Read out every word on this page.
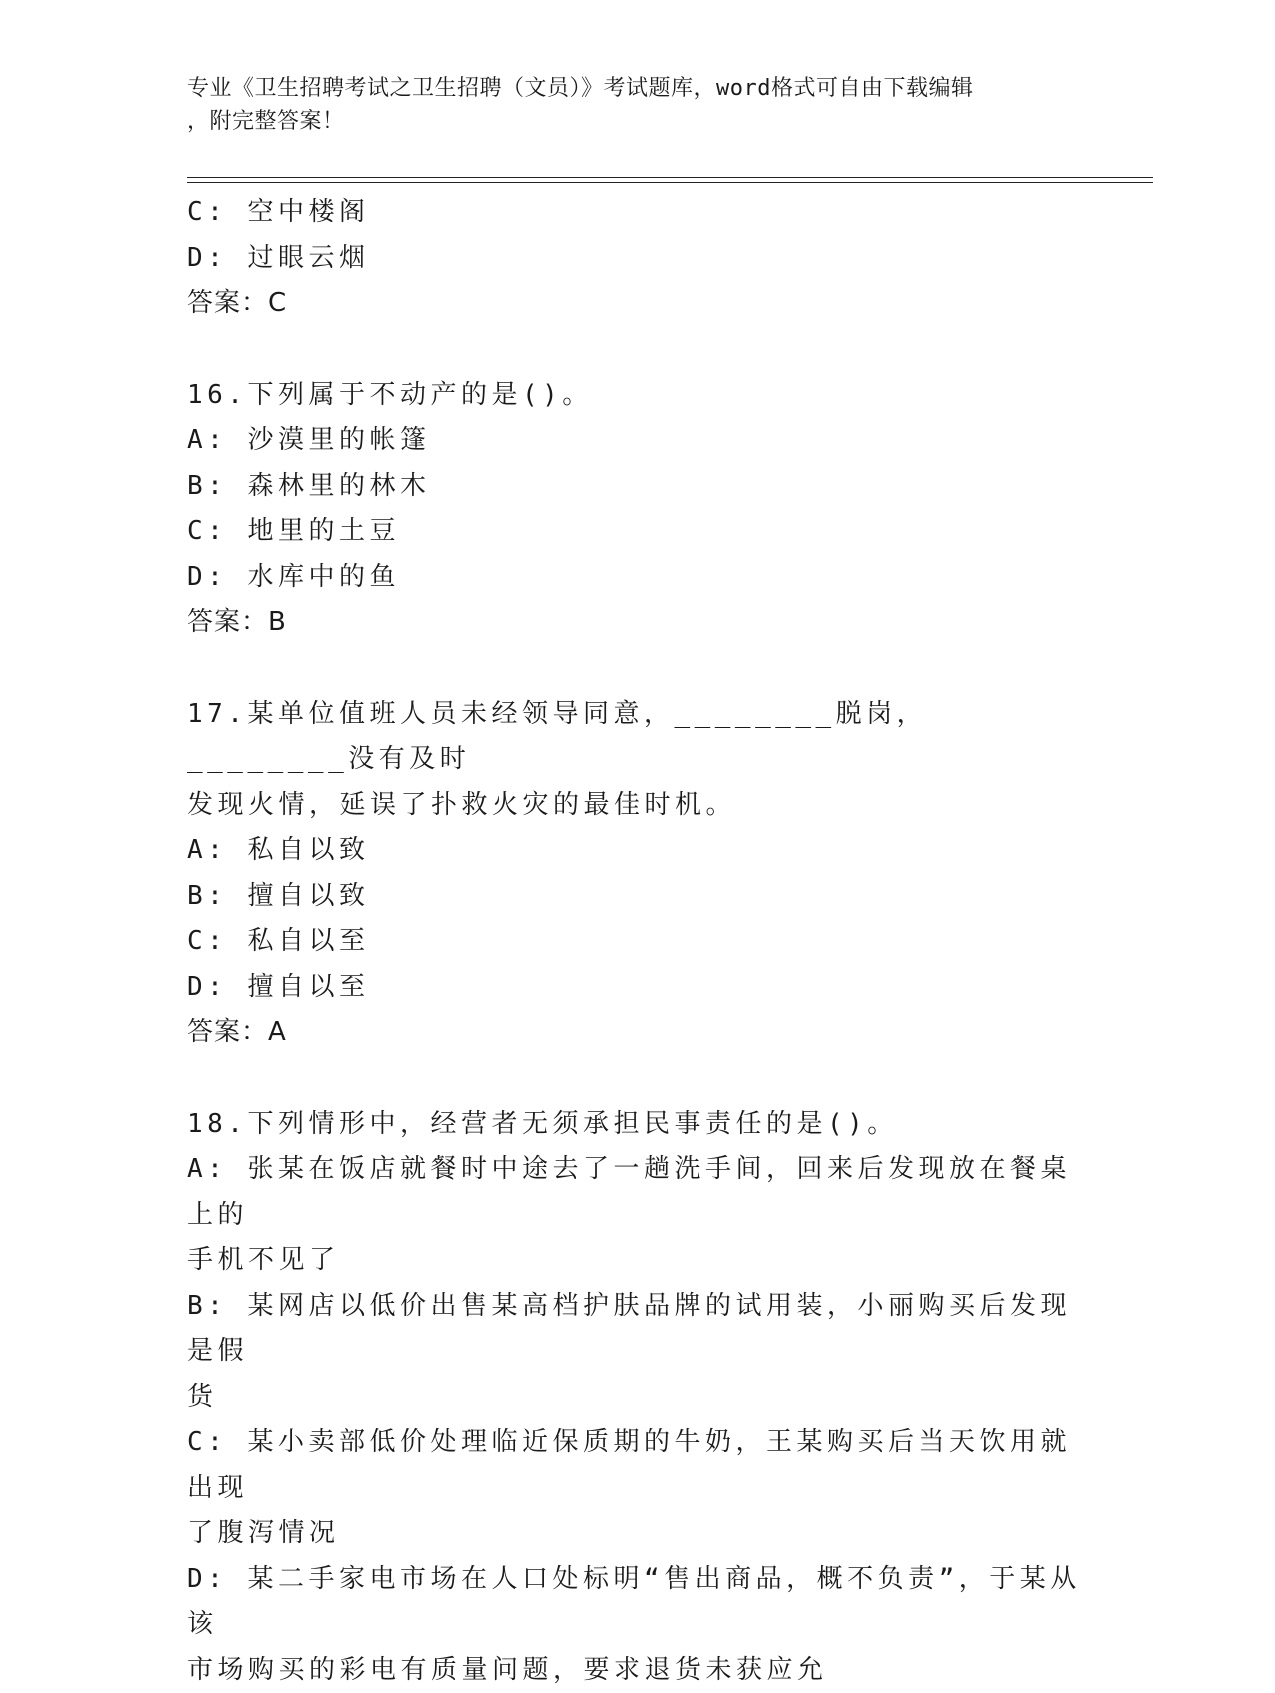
专业《卫生招聘考试之卫生招聘（文员）》考试题库，word格式可自由下载编辑
，附完整答案！
C: 空中楼阁
D: 过眼云烟
答案：C
16.下列属于不动产的是()。
A: 沙漠里的帐篷
B: 森林里的林木
C: 地里的土豆
D: 水库中的鱼
答案：B
17.某单位值班人员未经领导同意，________脱岗，________没有及时
发现火情，延误了扑救火灾的最佳时机。
A: 私自以致
B: 擅自以致
C: 私自以至
D: 擅自以至
答案：A
18.下列情形中，经营者无须承担民事责任的是()。
A: 张某在饭店就餐时中途去了一趟洗手间，回来后发现放在餐桌上的
手机不见了
B: 某网店以低价出售某高档护肤品牌的试用装，小丽购买后发现是假
货
C: 某小卖部低价处理临近保质期的牛奶，王某购买后当天饮用就出现
了腹泻情况
D: 某二手家电市场在人口处标明“售出商品，概不负责”，于某从该
市场购买的彩电有质量问题，要求退货未获应允
